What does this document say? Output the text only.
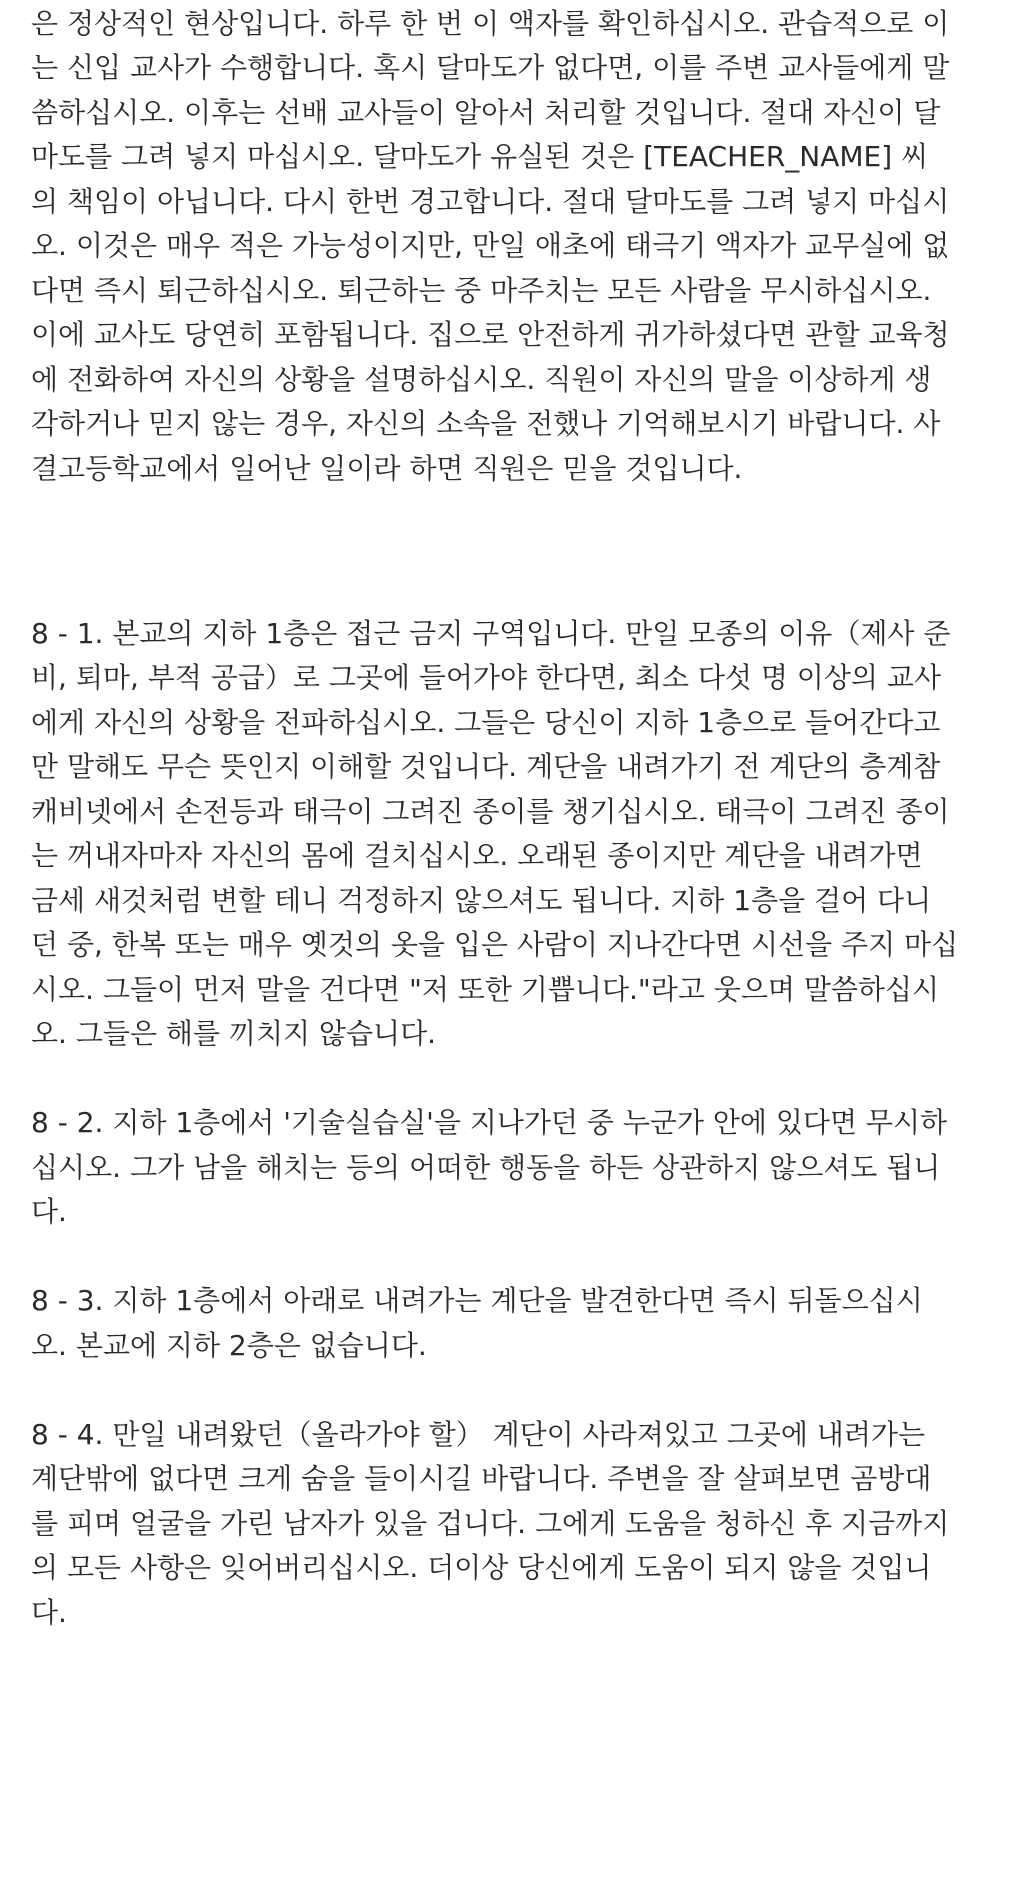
은 정상적인 현상입니다. 하루 한 번 이 액자를 확인하십시오. 관습적으로 이
는 신입 교사가 수행합니다. 혹시 달마도가 없다면, 이를 주변 교사들에게 말
씀하십시오. 이후는 선배 교사들이 알아서 처리할 것입니다. 절대 자신이 달
마도를 그려 넣지 마십시오. 달마도가 유실된 것은 [TEACHER_NAME] 씨
의 책임이 아닙니다. 다시 한번 경고합니다. 절대 달마도를 그려 넣지 마십시
오. 이것은 매우 적은 가능성이지만, 만일 애초에 태극기 액자가 교무실에 없
다면 즉시 퇴근하십시오. 퇴근하는 중 마주치는 모든 사람을 무시하십시오.
이에 교사도 당연히 포함됩니다. 집으로 안전하게 귀가하셨다면 관할 교육청
에 전화하여 자신의 상황을 설명하십시오. 직원이 자신의 말을 이상하게 생
각하거나 믿지 않는 경우, 자신의 소속을 전했나 기억해보시기 바랍니다. 사
결고등학교에서 일어난 일이라 하면 직원은 믿을 것입니다.
8 - 1. 본교의 지하 1층은 접근 금지 구역입니다. 만일 모종의 이유（제사 준
비, 퇴마, 부적 공급）로 그곳에 들어가야 한다면, 최소 다섯 명 이상의 교사
에게 자신의 상황을 전파하십시오. 그들은 당신이 지하 1층으로 들어간다고
만 말해도 무슨 뜻인지 이해할 것입니다. 계단을 내려가기 전 계단의 층계참
캐비넷에서 손전등과 태극이 그려진 종이를 챙기십시오. 태극이 그려진 종이
는 꺼내자마자 자신의 몸에 걸치십시오. 오래된 종이지만 계단을 내려가면
금세 새것처럼 변할 테니 걱정하지 않으셔도 됩니다. 지하 1층을 걸어 다니
던 중, 한복 또는 매우 옛것의 옷을 입은 사람이 지나간다면 시선을 주지 마십
시오. 그들이 먼저 말을 건다면 "저 또한 기쁩니다."라고 웃으며 말씀하십시
오. 그들은 해를 끼치지 않습니다.
8 - 2. 지하 1층에서 '기술실습실'을 지나가던 중 누군가 안에 있다면 무시하
십시오. 그가 남을 해치는 등의 어떠한 행동을 하든 상관하지 않으셔도 됩니
다.
8 - 3. 지하 1층에서 아래로 내려가는 계단을 발견한다면 즉시 뒤돌으십시
오. 본교에 지하 2층은 없습니다.
8 - 4. 만일 내려왔던（올라가야 할） 계단이 사라져있고 그곳에 내려가는
계단밖에 없다면 크게 숨을 들이시길 바랍니다. 주변을 잘 살펴보면 곰방대
를 피며 얼굴을 가린 남자가 있을 겁니다. 그에게 도움을 청하신 후 지금까지
의 모든 사항은 잊어버리십시오. 더이상 당신에게 도움이 되지 않을 것입니
다.
